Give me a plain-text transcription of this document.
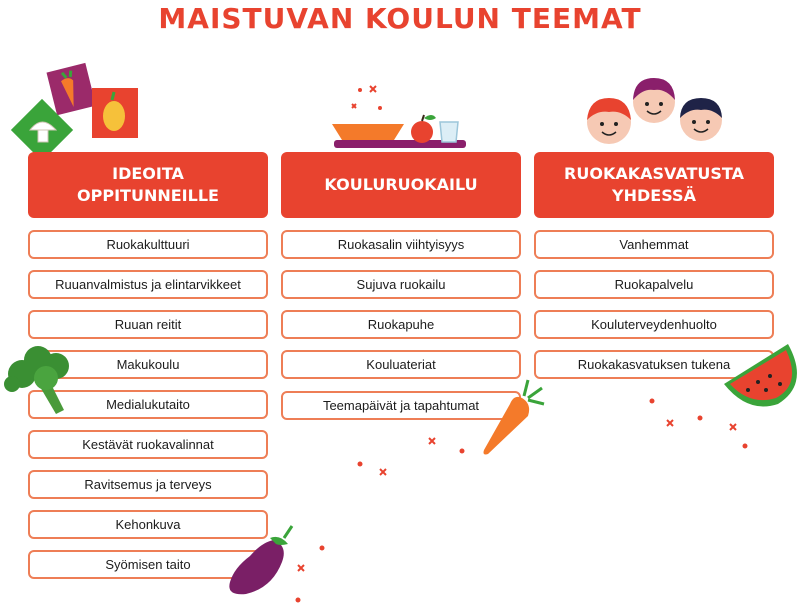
MAISTUVAN KOULUN TEEMAT
IDEOITA OPPITUNNEILLE
KOULURUOKAILU
RUOKAKASVATUSTA YHDESSÄ
Ruokakulttuuri
Ruuanvalmistus ja elintarvikkeet
Ruuan reitit
Makukoulu
Medialukutaito
Kestävät ruokavalinnat
Ravitsemus ja terveys
Kehonkuva
Syömisen taito
Ruokasalin viihtyisyys
Sujuva ruokailu
Ruokapuhe
Kouluateriat
Teemapäivät ja tapahtumat
Vanhemmat
Ruokapalvelu
Kouluterveydenhuolto
Ruokakasvatuksen tukena
